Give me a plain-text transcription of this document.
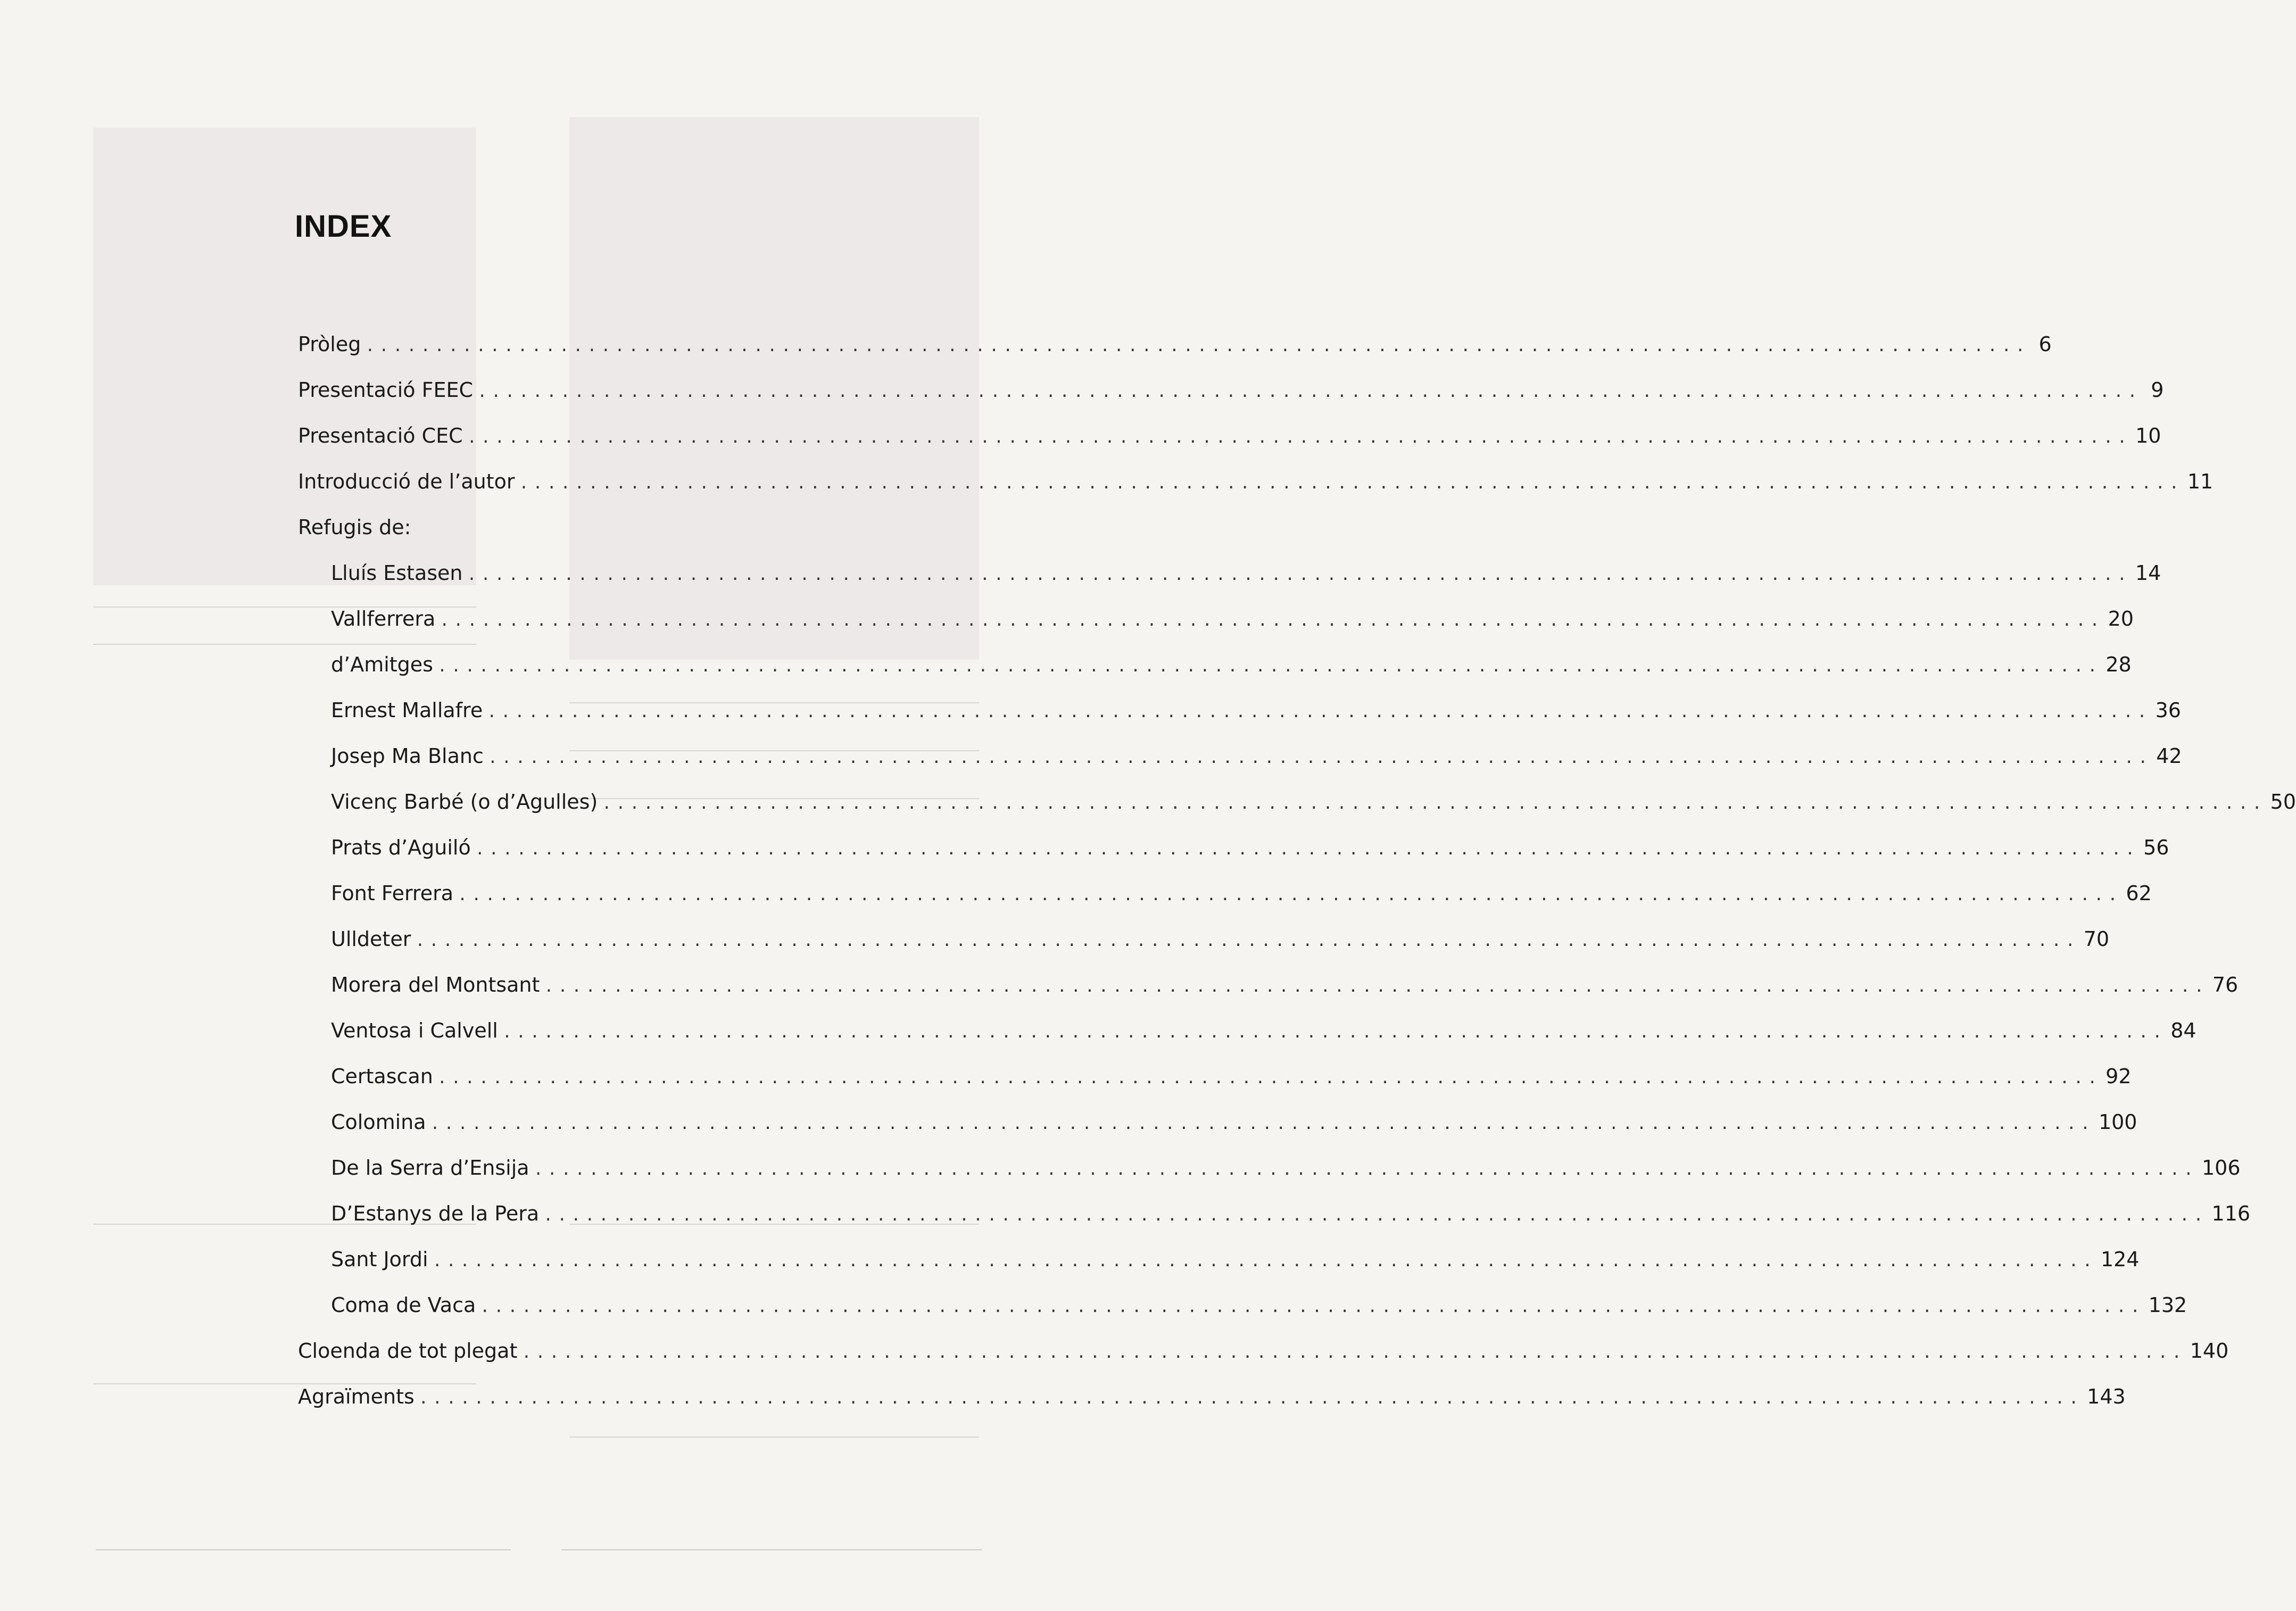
INDEX
Pròleg ........................................................................................................................ 6
Presentació FEEC ........................................................................................................................ 9
Presentació CEC ........................................................................................................................ 10
Introducció de l’autor ........................................................................................................................ 11
Refugis de:
Lluís Estasen ........................................................................................................................ 14
Vallferrera ........................................................................................................................ 20
d’Amitges ........................................................................................................................ 28
Ernest Mallafre ........................................................................................................................ 36
Josep Ma Blanc ........................................................................................................................ 42
Vicenç Barbé (o d’Agulles) ........................................................................................................................ 50
Prats d’Aguiló ........................................................................................................................ 56
Font Ferrera ........................................................................................................................ 62
Ulldeter ........................................................................................................................ 70
Morera del Montsant ........................................................................................................................ 76
Ventosa i Calvell ........................................................................................................................ 84
Certascan ........................................................................................................................ 92
Colomina ........................................................................................................................ 100
De la Serra d’Ensija ........................................................................................................................ 106
D’Estanys de la Pera ........................................................................................................................ 116
Sant Jordi ........................................................................................................................ 124
Coma de Vaca ........................................................................................................................ 132
Cloenda de tot plegat ........................................................................................................................ 140
Agraïments ........................................................................................................................ 143
